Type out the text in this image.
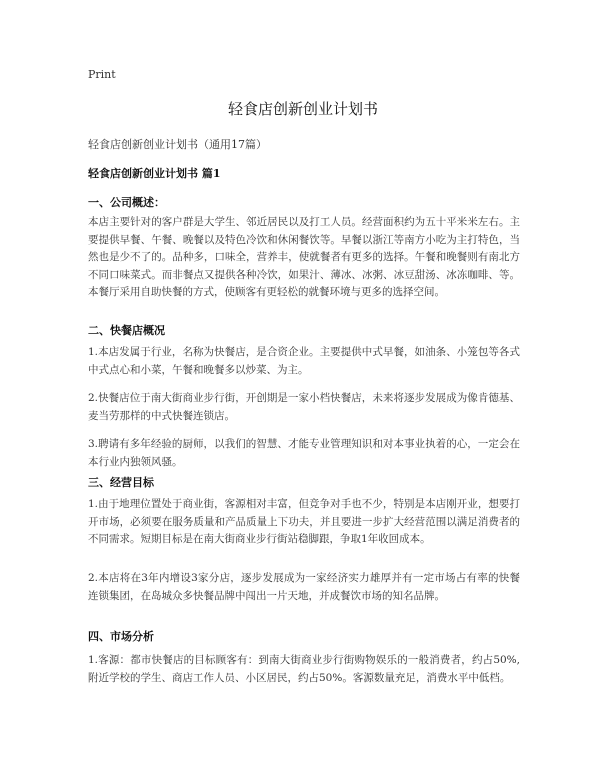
Print
轻食店创新创业计划书
轻食店创新创业计划书（通用17篇）
轻食店创新创业计划书 篇1
一、公司概述：

本店主要针对的客户群是大学生、邻近居民以及打工人员。经营面积约为五十平米米左右。主要提供早餐、午餐、晚餐以及特色冷饮和休闲餐饮等。早餐以浙江等南方小吃为主打特色，当然也是少不了的。品种多，口味全，营养丰，使就餐者有更多的选择。午餐和晚餐则有南北方不同口味菜式。而非餐点又提供各种冷饮，如果汁、薄冰、冰粥、冰豆甜汤、冰冻咖啡、等。本餐厅采用自助快餐的方式，使顾客有更轻松的就餐环境与更多的选择空间。

二、快餐店概况

1.本店发属于行业，名称为快餐店，是合资企业。主要提供中式早餐，如油条、小笼包等各式中式点心和小菜，午餐和晚餐多以炒菜、为主。

2.快餐店位于南大街商业步行街，开创期是一家小档快餐店，未来将逐步发展成为像肯德基、麦当劳那样的中式快餐连锁店。

3.聘请有多年经验的厨师，以我们的智慧、才能专业管理知识和对本事业执着的心，一定会在本行业内独领风骚。

三、经营目标

1.由于地理位置处于商业街，客源相对丰富，但竞争对手也不少，特别是本店刚开业，想要打开市场，必须要在服务质量和产品质量上下功夫，并且要进一步扩大经营范围以满足消费者的不同需求。短期目标是在南大街商业步行街站稳脚跟，争取1年收回成本。

2.本店将在3年内增设3家分店，逐步发展成为一家经济实力雄厚并有一定市场占有率的快餐连锁集团，在岛城众多快餐品牌中闯出一片天地，并成餐饮市场的知名品牌。

四、市场分析

1.客源：都市快餐店的目标顾客有：到南大街商业步行街购物娱乐的一般消费者，约占50%,附近学校的学生、商店工作人员、小区居民，约占50%。客源数量充足，消费水平中低档。
